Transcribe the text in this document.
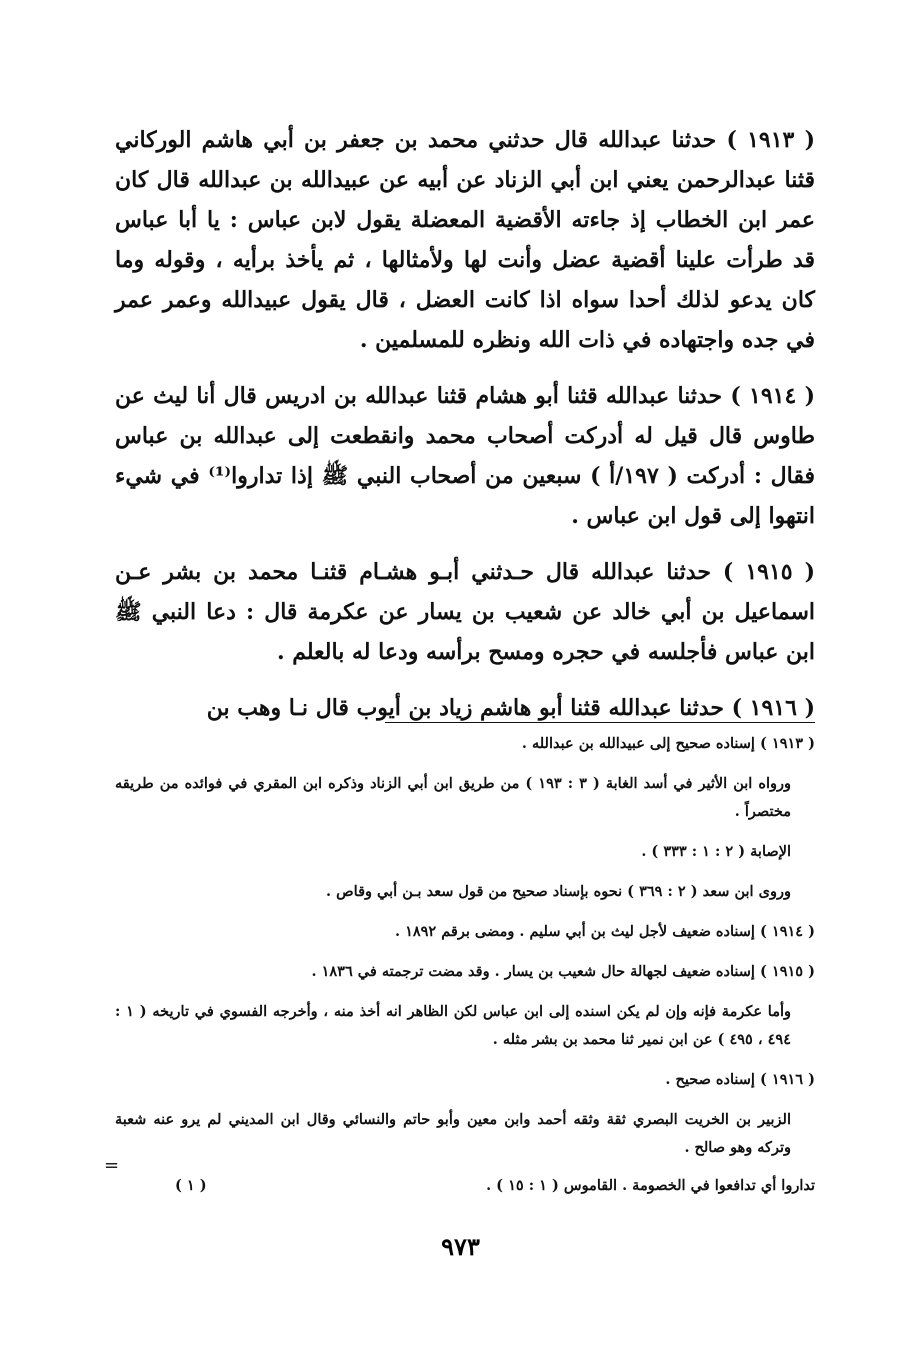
( ١٩١٣ ) حدثنا عبدالله قال حدثني محمد بن جعفر بن أبي هاشم الوركاني قثنا عبدالرحمن يعني ابن أبي الزناد عن أبيه عن عبيدالله بن عبدالله قال كان عمر ابن الخطاب إذ جاءته الأقضية المعضلة يقول لابن عباس : يا أبا عباس قد طرأت علينا أقضية عضل وأنت لها ولأمثالها ، ثم يأخذ برأيه ، وقوله وما كان يدعو لذلك أحدا سواه اذا كانت العضل ، قال يقول عبيدالله وعمر عمر في جده واجتهاده في ذات الله ونظره للمسلمين .

( ١٩١٤ ) حدثنا عبدالله قثنا أبو هشام قثنا عبدالله بن ادريس قال أنا ليث عن طاوس قال قيل له أدركت أصحاب محمد وانقطعت إلى عبدالله بن عباس فقال : أدركت ( ١٩٧/أ ) سبعين من أصحاب النبي ﷺ إذا تداروا⁽¹⁾ في شيء انتهوا إلى قول ابن عباس .

( ١٩١٥ ) حدثنا عبدالله قال حـدثني أبـو هشـام قثنـا محمد بن بشر عـن اسماعيل بن أبي خالد عن شعيب بن يسار عن عكرمة قال : دعا النبي ﷺ ابن عباس فأجلسه في حجره ومسح برأسه ودعا له بالعلم .

( ١٩١٦ ) حدثنا عبدالله قثنا أبو هاشم زياد بن أيوب قال نـا وهب بن

( ١٩١٣ ) إسناده صحيح إلى عبيدالله بن عبدالله .

ورواه ابن الأثير في أسد الغابة ( ٣ : ١٩٣ ) من طريق ابن أبي الزناد وذكره ابن المقري في فوائده من طريقه مختصراً .

الإصابة ( ٢ : ١ : ٣٣٣ ) .

وروى ابن سعد ( ٢ : ٣٦٩ ) نحوه بإسناد صحيح من قول سعد بـن أبي وقاص .

( ١٩١٤ ) إسناده ضعيف لأجل ليث بن أبي سليم . ومضى برقم ١٨٩٢ .

( ١٩١٥ ) إسناده ضعيف لجهالة حال شعيب بن يسار . وقد مضت ترجمته في ١٨٣٦ .

وأما عكرمة فإنه وإن لم يكن اسنده إلى ابن عباس لكن الظاهر انه أخذ منه ، وأخرجه الفسوي في تاريخه ( ١ : ٤٩٤ ، ٤٩٥ ) عن ابن نمير ثنا محمد بن بشر مثله .

( ١٩١٦ ) إسناده صحيح .

الزبير بن الخريت البصري ثقة وثقه أحمد وابن معين وأبو حاتم والنسائي وقال ابن المديني لم يرو عنه شعبة وتركه وهو صالح .

تداروا أي تدافعوا في الخصومة . القاموس ( ١ : ١٥ ) .
( ١ )
=
٩٧٣
